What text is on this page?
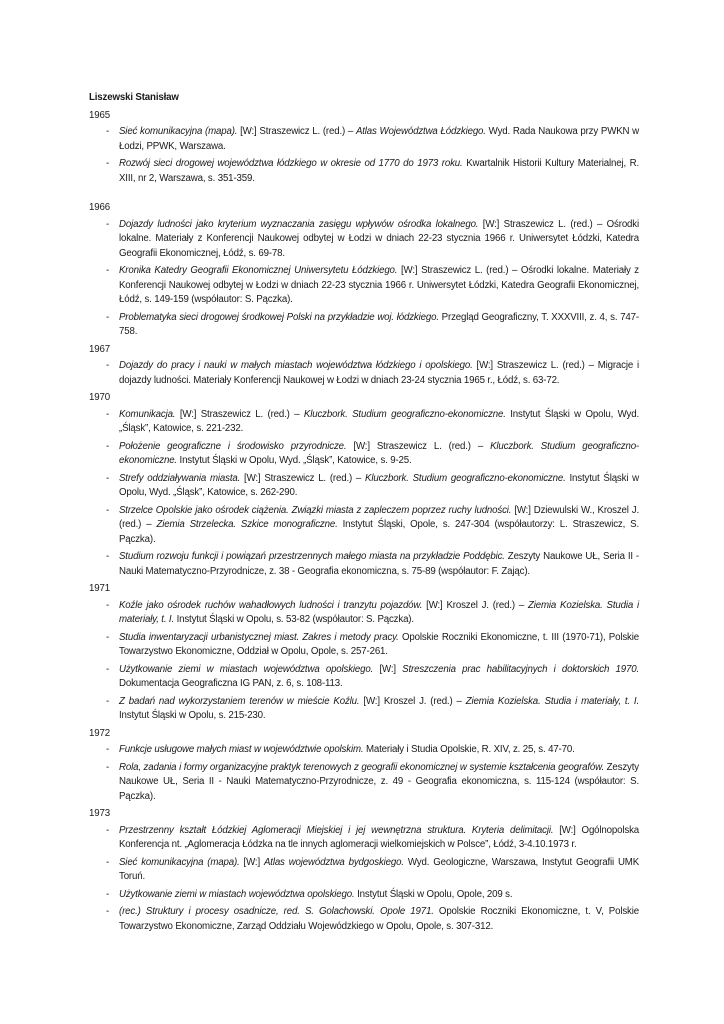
Liszewski Stanisław
1965
- Sieć komunikacyjna (mapa). [W:] Straszewicz L. (red.) – Atlas Województwa Łódzkiego. Wyd. Rada Naukowa przy PWKN w Łodzi, PPWK, Warszawa.
- Rozwój sieci drogowej województwa łódzkiego w okresie od 1770 do 1973 roku. Kwartalnik Historii Kultury Materialnej, R. XIII, nr 2, Warszawa, s. 351-359.
1966
- Dojazdy ludności jako kryterium wyznaczania zasięgu wpływów ośrodka lokalnego. [W:] Straszewicz L. (red.) – Ośrodki lokalne. Materiały z Konferencji Naukowej odbytej w Łodzi w dniach 22-23 stycznia 1966 r. Uniwersytet Łódzki, Katedra Geografii Ekonomicznej, Łódź, s. 69-78.
- Kronika Katedry Geografii Ekonomicznej Uniwersytetu Łódzkiego. [W:] Straszewicz L. (red.) – Ośrodki lokalne. Materiały z Konferencji Naukowej odbytej w Łodzi w dniach 22-23 stycznia 1966 r. Uniwersytet Łódzki, Katedra Geografii Ekonomicznej, Łódź, s. 149-159 (współautor: S. Pączka).
- Problematyka sieci drogowej środkowej Polski na przykładzie woj. łódzkiego. Przegląd Geograficzny, T. XXXVIII, z. 4, s. 747-758.
1967
- Dojazdy do pracy i nauki w małych miastach województwa łódzkiego i opolskiego. [W:] Straszewicz L. (red.) – Migracje i dojazdy ludności. Materiały Konferencji Naukowej w Łodzi w dniach 23-24 stycznia 1965 r., Łódź, s. 63-72.
1970
- Komunikacja. [W:] Straszewicz L. (red.) – Kluczbork. Studium geograficzno-ekonomiczne. Instytut Śląski w Opolu, Wyd. „Śląsk”, Katowice, s. 221-232.
- Położenie geograficzne i środowisko przyrodnicze. [W:] Straszewicz L. (red.) – Kluczbork. Studium geograficzno-ekonomiczne. Instytut Śląski w Opolu, Wyd. „Śląsk”, Katowice, s. 9-25.
- Strefy oddziaływania miasta. [W:] Straszewicz L. (red.) – Kluczbork. Studium geograficzno-ekonomiczne. Instytut Śląski w Opolu, Wyd. „Śląsk”, Katowice, s. 262-290.
- Strzelce Opolskie jako ośrodek ciążenia. Związki miasta z zapleczem poprzez ruchy ludności. [W:] Dziewulski W., Kroszel J. (red.) – Ziemia Strzelecka. Szkice monograficzne. Instytut Śląski, Opole, s. 247-304 (współautorzy: L. Straszewicz, S. Pączka).
- Studium rozwoju funkcji i powiązań przestrzennych małego miasta na przykładzie Poddębic. Zeszyty Naukowe UŁ, Seria II - Nauki Matematyczno-Przyrodnicze, z. 38 - Geografia ekonomiczna, s. 75-89 (współautor: F. Zając).
1971
- Koźle jako ośrodek ruchów wahadłowych ludności i tranzytu pojazdów. [W:] Kroszel J. (red.) – Ziemia Kozielska. Studia i materiały, t. I. Instytut Śląski w Opolu, s. 53-82 (współautor: S. Pączka).
- Studia inwentaryzacji urbanistycznej miast. Zakres i metody pracy. Opolskie Roczniki Ekonomiczne, t. III (1970-71), Polskie Towarzystwo Ekonomiczne, Oddział w Opolu, Opole, s. 257-261.
- Użytkowanie ziemi w miastach województwa opolskiego. [W:] Streszczenia prac habilitacyjnych i doktorskich 1970. Dokumentacja Geograficzna IG PAN, z. 6, s. 108-113.
- Z badań nad wykorzystaniem terenów w mieście Koźlu. [W:] Kroszel J. (red.) – Ziemia Kozielska. Studia i materiały, t. I. Instytut Śląski w Opolu, s. 215-230.
1972
- Funkcje usługowe małych miast w województwie opolskim. Materiały i Studia Opolskie, R. XIV, z. 25, s. 47-70.
- Rola, zadania i formy organizacyjne praktyk terenowych z geografii ekonomicznej w systemie kształcenia geografów. Zeszyty Naukowe UŁ, Seria II - Nauki Matematyczno-Przyrodnicze, z. 49 - Geografia ekonomiczna, s. 115-124 (współautor: S. Pączka).
1973
- Przestrzenny kształt Łódzkiej Aglomeracji Miejskiej i jej wewnętrzna struktura. Kryteria delimitacji. [W:] Ogólnopolska Konferencja nt. „Aglomeracja Łódzka na tle innych aglomeracji wielkomiejskich w Polsce”, Łódź, 3-4.10.1973 r.
- Sieć komunikacyjna (mapa). [W:] Atlas województwa bydgoskiego. Wyd. Geologiczne, Warszawa, Instytut Geografii UMK Toruń.
- Użytkowanie ziemi w miastach województwa opolskiego. Instytut Śląski w Opolu, Opole, 209 s.
- (rec.) Struktury i procesy osadnicze, red. S. Golachowski. Opole 1971. Opolskie Roczniki Ekonomiczne, t. V, Polskie Towarzystwo Ekonomiczne, Zarząd Oddziału Wojewódzkiego w Opolu, Opole, s. 307-312.
